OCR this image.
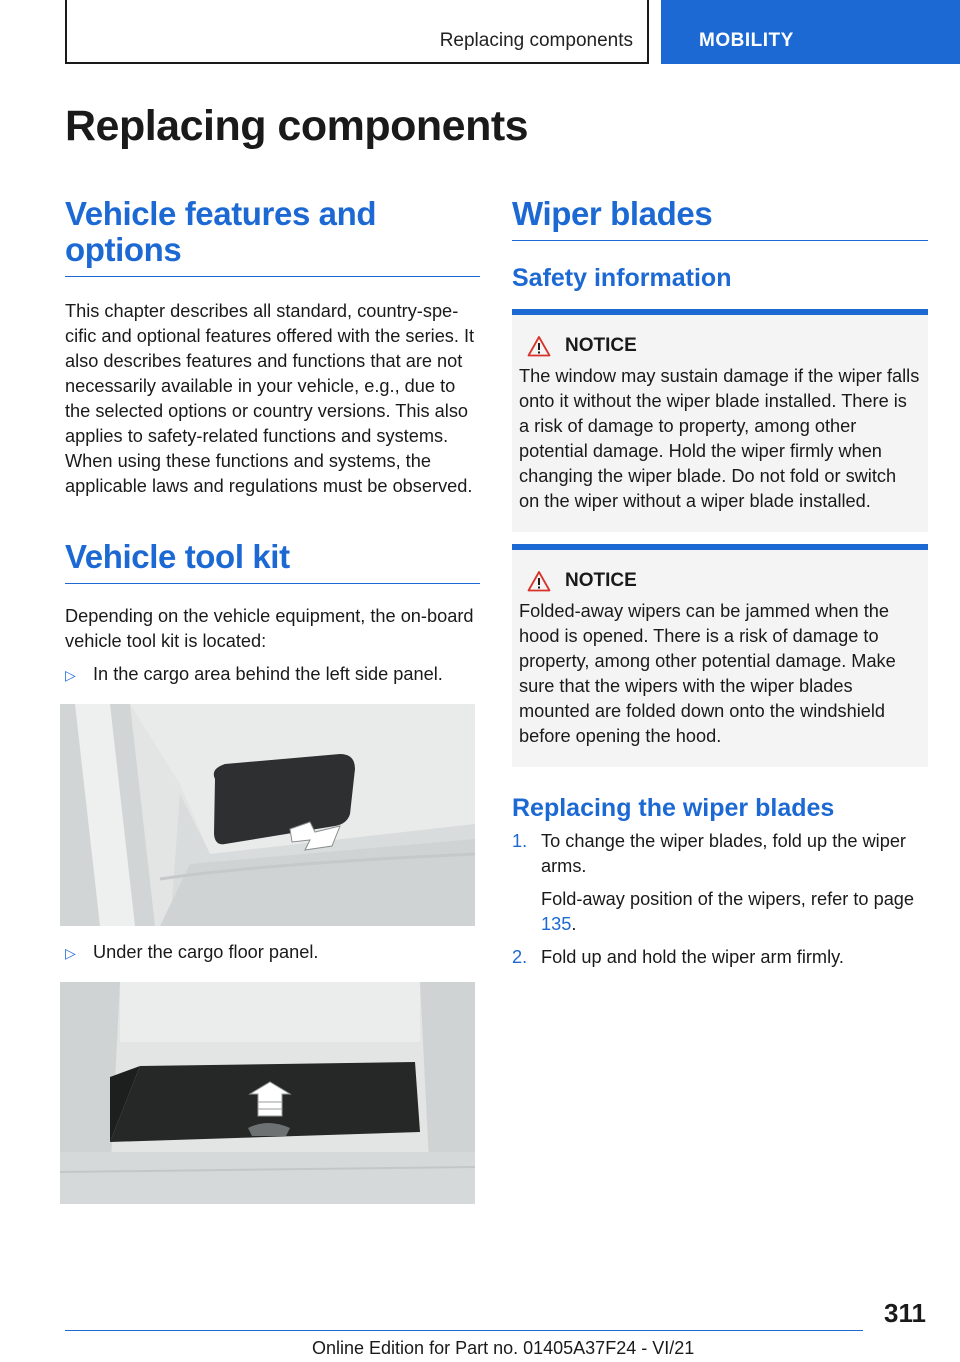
Replacing components	MOBILITY
Replacing components
Vehicle features and options

This chapter describes all standard, country-specific and optional features offered with the series. It also describes features and functions that are not necessarily available in your vehicle, e.g., due to the selected options or country versions. This also applies to safety-related functions and systems. When using these functions and systems, the applicable laws and regulations must be observed.

Vehicle tool kit

Depending on the vehicle equipment, the on-board vehicle tool kit is located:

▷ In the cargo area behind the left side panel.
▷ Under the cargo floor panel.
Wiper blades
Safety information
NOTICE

The window may sustain damage if the wiper falls onto it without the wiper blade installed. There is a risk of damage to property, among other potential damage. Hold the wiper firmly when changing the wiper blade. Do not fold or switch on the wiper without a wiper blade installed.

NOTICE

Folded-away wipers can be jammed when the hood is opened. There is a risk of damage to property, among other potential damage. Make sure that the wipers with the wiper blades mounted are folded down onto the windshield before opening the hood.

Replacing the wiper blades
1. To change the wiper blades, fold up the wiper arms.
Fold-away position of the wipers, refer to page 135.
2. Fold up and hold the wiper arm firmly.
311
Online Edition for Part no. 01405A37F24 - VI/21
